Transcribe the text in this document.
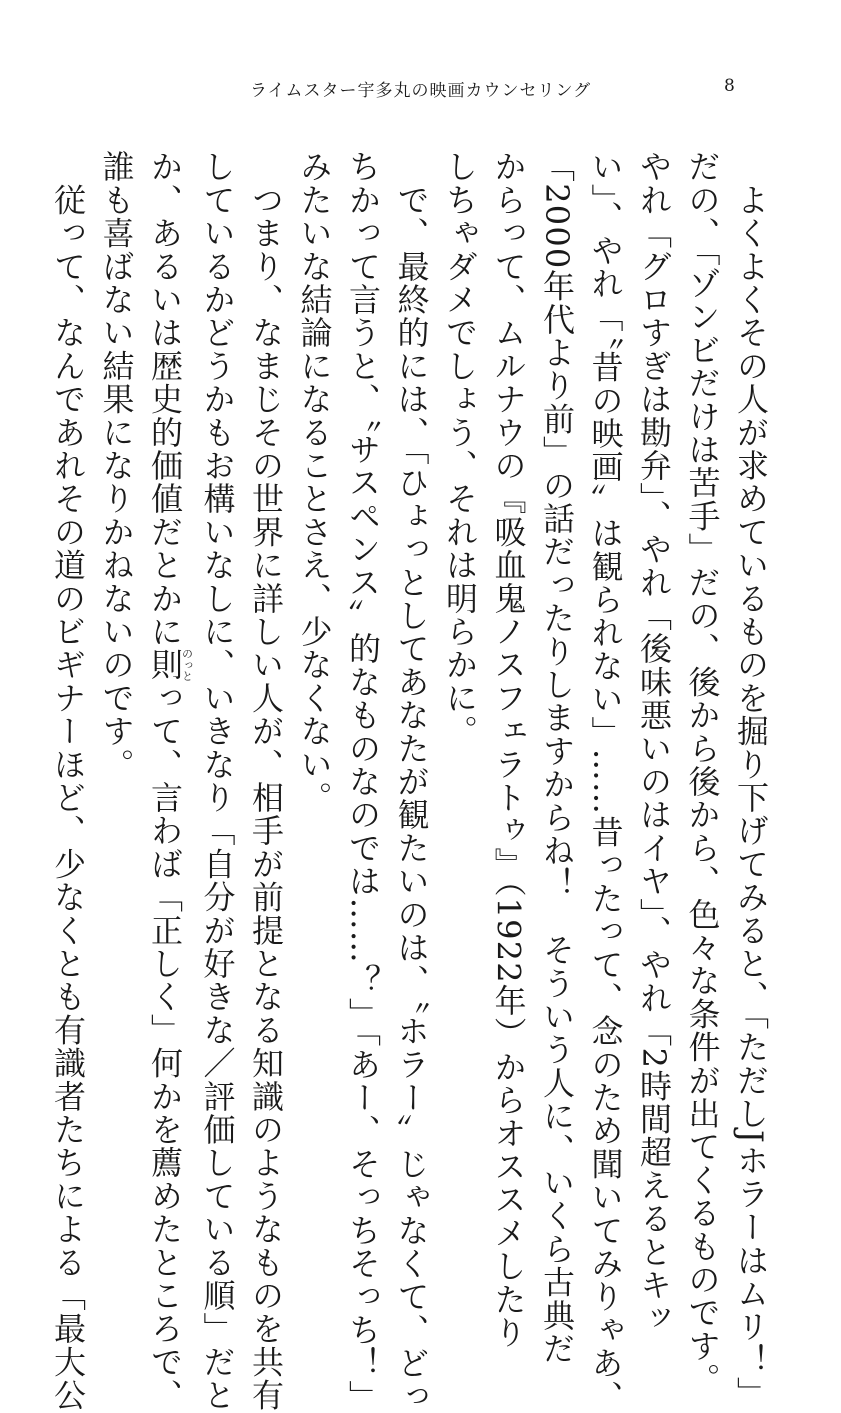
ライムスター宇多丸の映画カウンセリング	8
　よくよくその人が求めているものを掘り下げてみると、「ただしJホラーはムリ！」
だの、「ゾンビだけは苦手」だの、後から後から、色々な条件が出てくるものです。
やれ「グロすぎは勘弁」、やれ「後味悪いのはイヤ」、やれ「2時間超えるとキッ
い」、やれ「〝昔の映画〟は観られない」……昔ったって、念のため聞いてみりゃあ、
「2000年代より前」の話だったりしますからね！　そういう人に、いくら古典だ
からって、ムルナウの『吸血鬼ノスフェラトゥ』（1922年）からオススメしたり
しちゃダメでしょう、それは明らかに。
　で、最終的には、「ひょっとしてあなたが観たいのは、〝ホラー〟じゃなくて、どっ
ちかって言うと、〝サスペンス〟的なものなのでは……？」「あー、そっちそっち！」
みたいな結論になることさえ、少なくない。
　つまり、なまじその世界に詳しい人が、相手が前提となる知識のようなものを共有
しているかどうかもお構いなしに、いきなり「自分が好きな／評価している順」だと
か、あるいは歴史的価値だとかに則のっとって、言わば「正しく」何かを薦めたところで、
誰も喜ばない結果になりかねないのです。
　従って、なんであれその道のビギナーほど、少なくとも有識者たちによる「最大公
